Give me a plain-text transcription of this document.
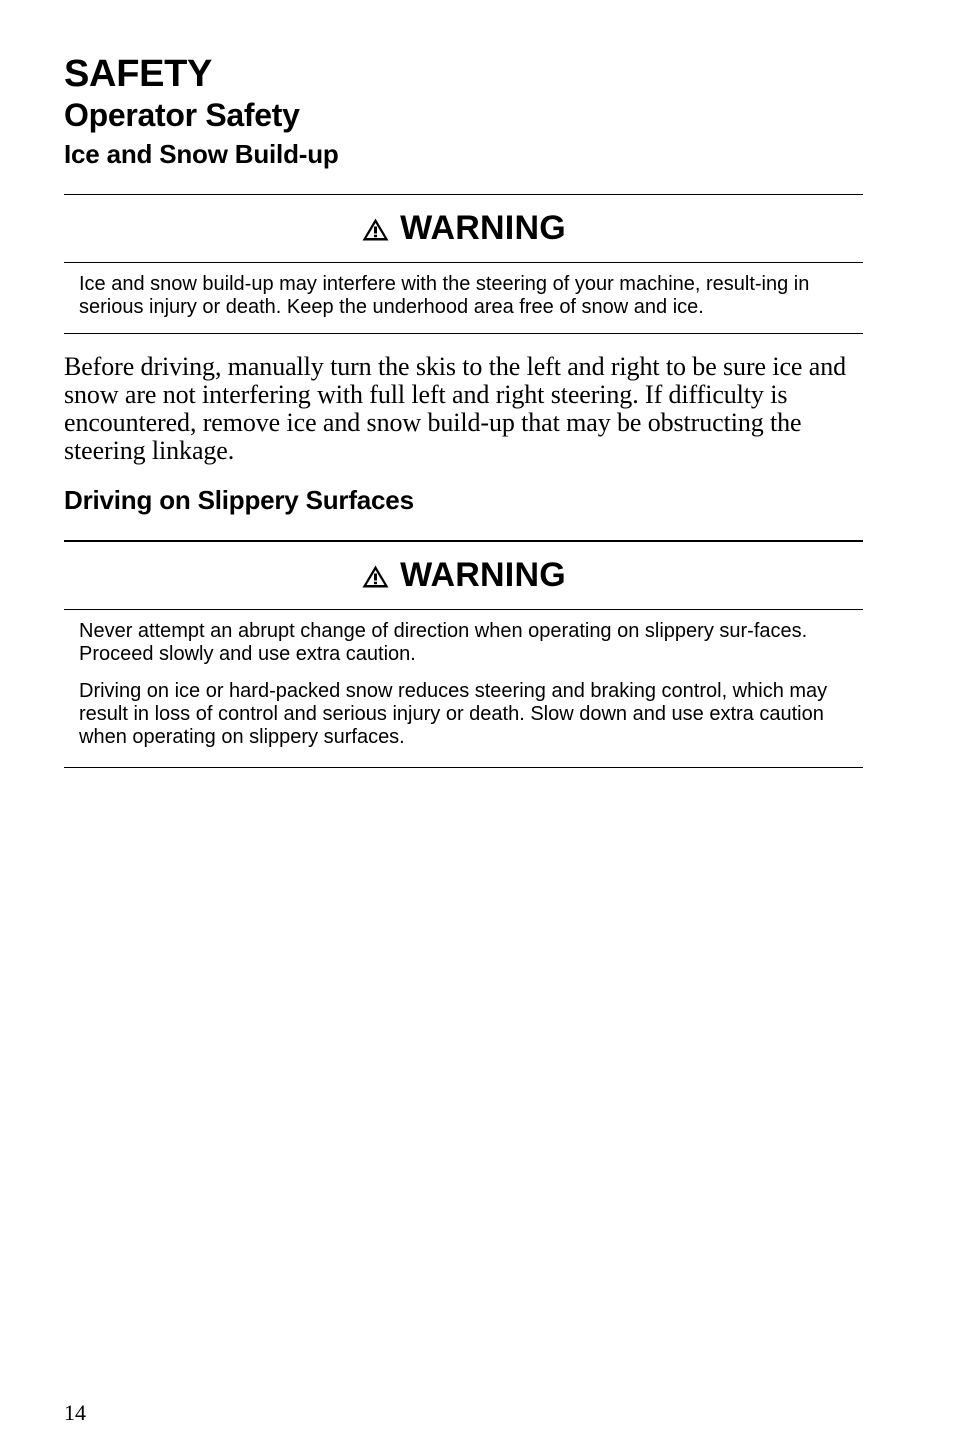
SAFETY
Operator Safety
Ice and Snow Build-up
WARNING

Ice and snow build-up may interfere with the steering of your machine, result-ing in serious injury or death. Keep the underhood area free of snow and ice.

Before driving, manually turn the skis to the left and right to be sure ice and snow are not interfering with full left and right steering. If difficulty is encountered, remove ice and snow build-up that may be obstructing the steering linkage.

Driving on Slippery Surfaces
WARNING

Never attempt an abrupt change of direction when operating on slippery sur-faces. Proceed slowly and use extra caution.

Driving on ice or hard-packed snow reduces steering and braking control, which may result in loss of control and serious injury or death. Slow down and use extra caution when operating on slippery surfaces.

14
